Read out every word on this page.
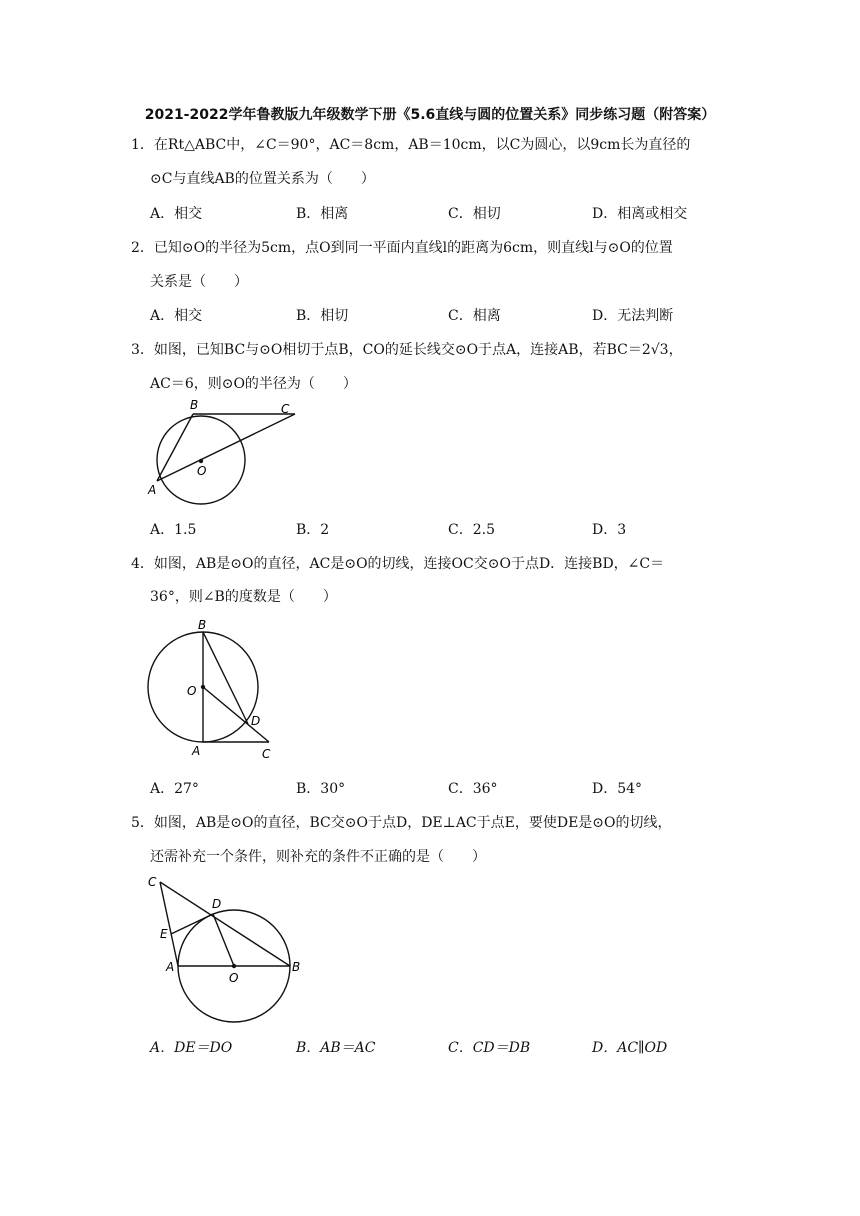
2021-2022学年鲁教版九年级数学下册《5.6直线与圆的位置关系》同步练习题（附答案）
1．在Rt△ABC中，∠C＝90°，AC＝8cm，AB＝10cm，以C为圆心，以9cm长为直径的
⊙C与直线AB的位置关系为（　　）
A．相交	B．相离	C．相切	D．相离或相交
2．已知⊙O的半径为5cm，点O到同一平面内直线l的距离为6cm，则直线l与⊙O的位置
关系是（　　）
A．相交	B．相切	C．相离	D．无法判断
3．如图，已知BC与⊙O相切于点B，CO的延长线交⊙O于点A，连接AB，若BC＝2√3，
AC＝6，则⊙O的半径为（　　）
B	C
O
A
A．1.5	B．2	C．2.5	D．3
4．如图，AB是⊙O的直径，AC是⊙O的切线，连接OC交⊙O于点D．连接BD，∠C＝
36°，则∠B的度数是（　　）
B
O
D
A	C
A．27°	B．30°	C．36°	D．54°
5．如图，AB是⊙O的直径，BC交⊙O于点D，DE⊥AC于点E，要使DE是⊙O的切线，
还需补充一个条件，则补充的条件不正确的是（　　）
C
D
E
A
O
B
A．DE＝DO	B．AB＝AC	C．CD＝DB	D．AC∥OD
